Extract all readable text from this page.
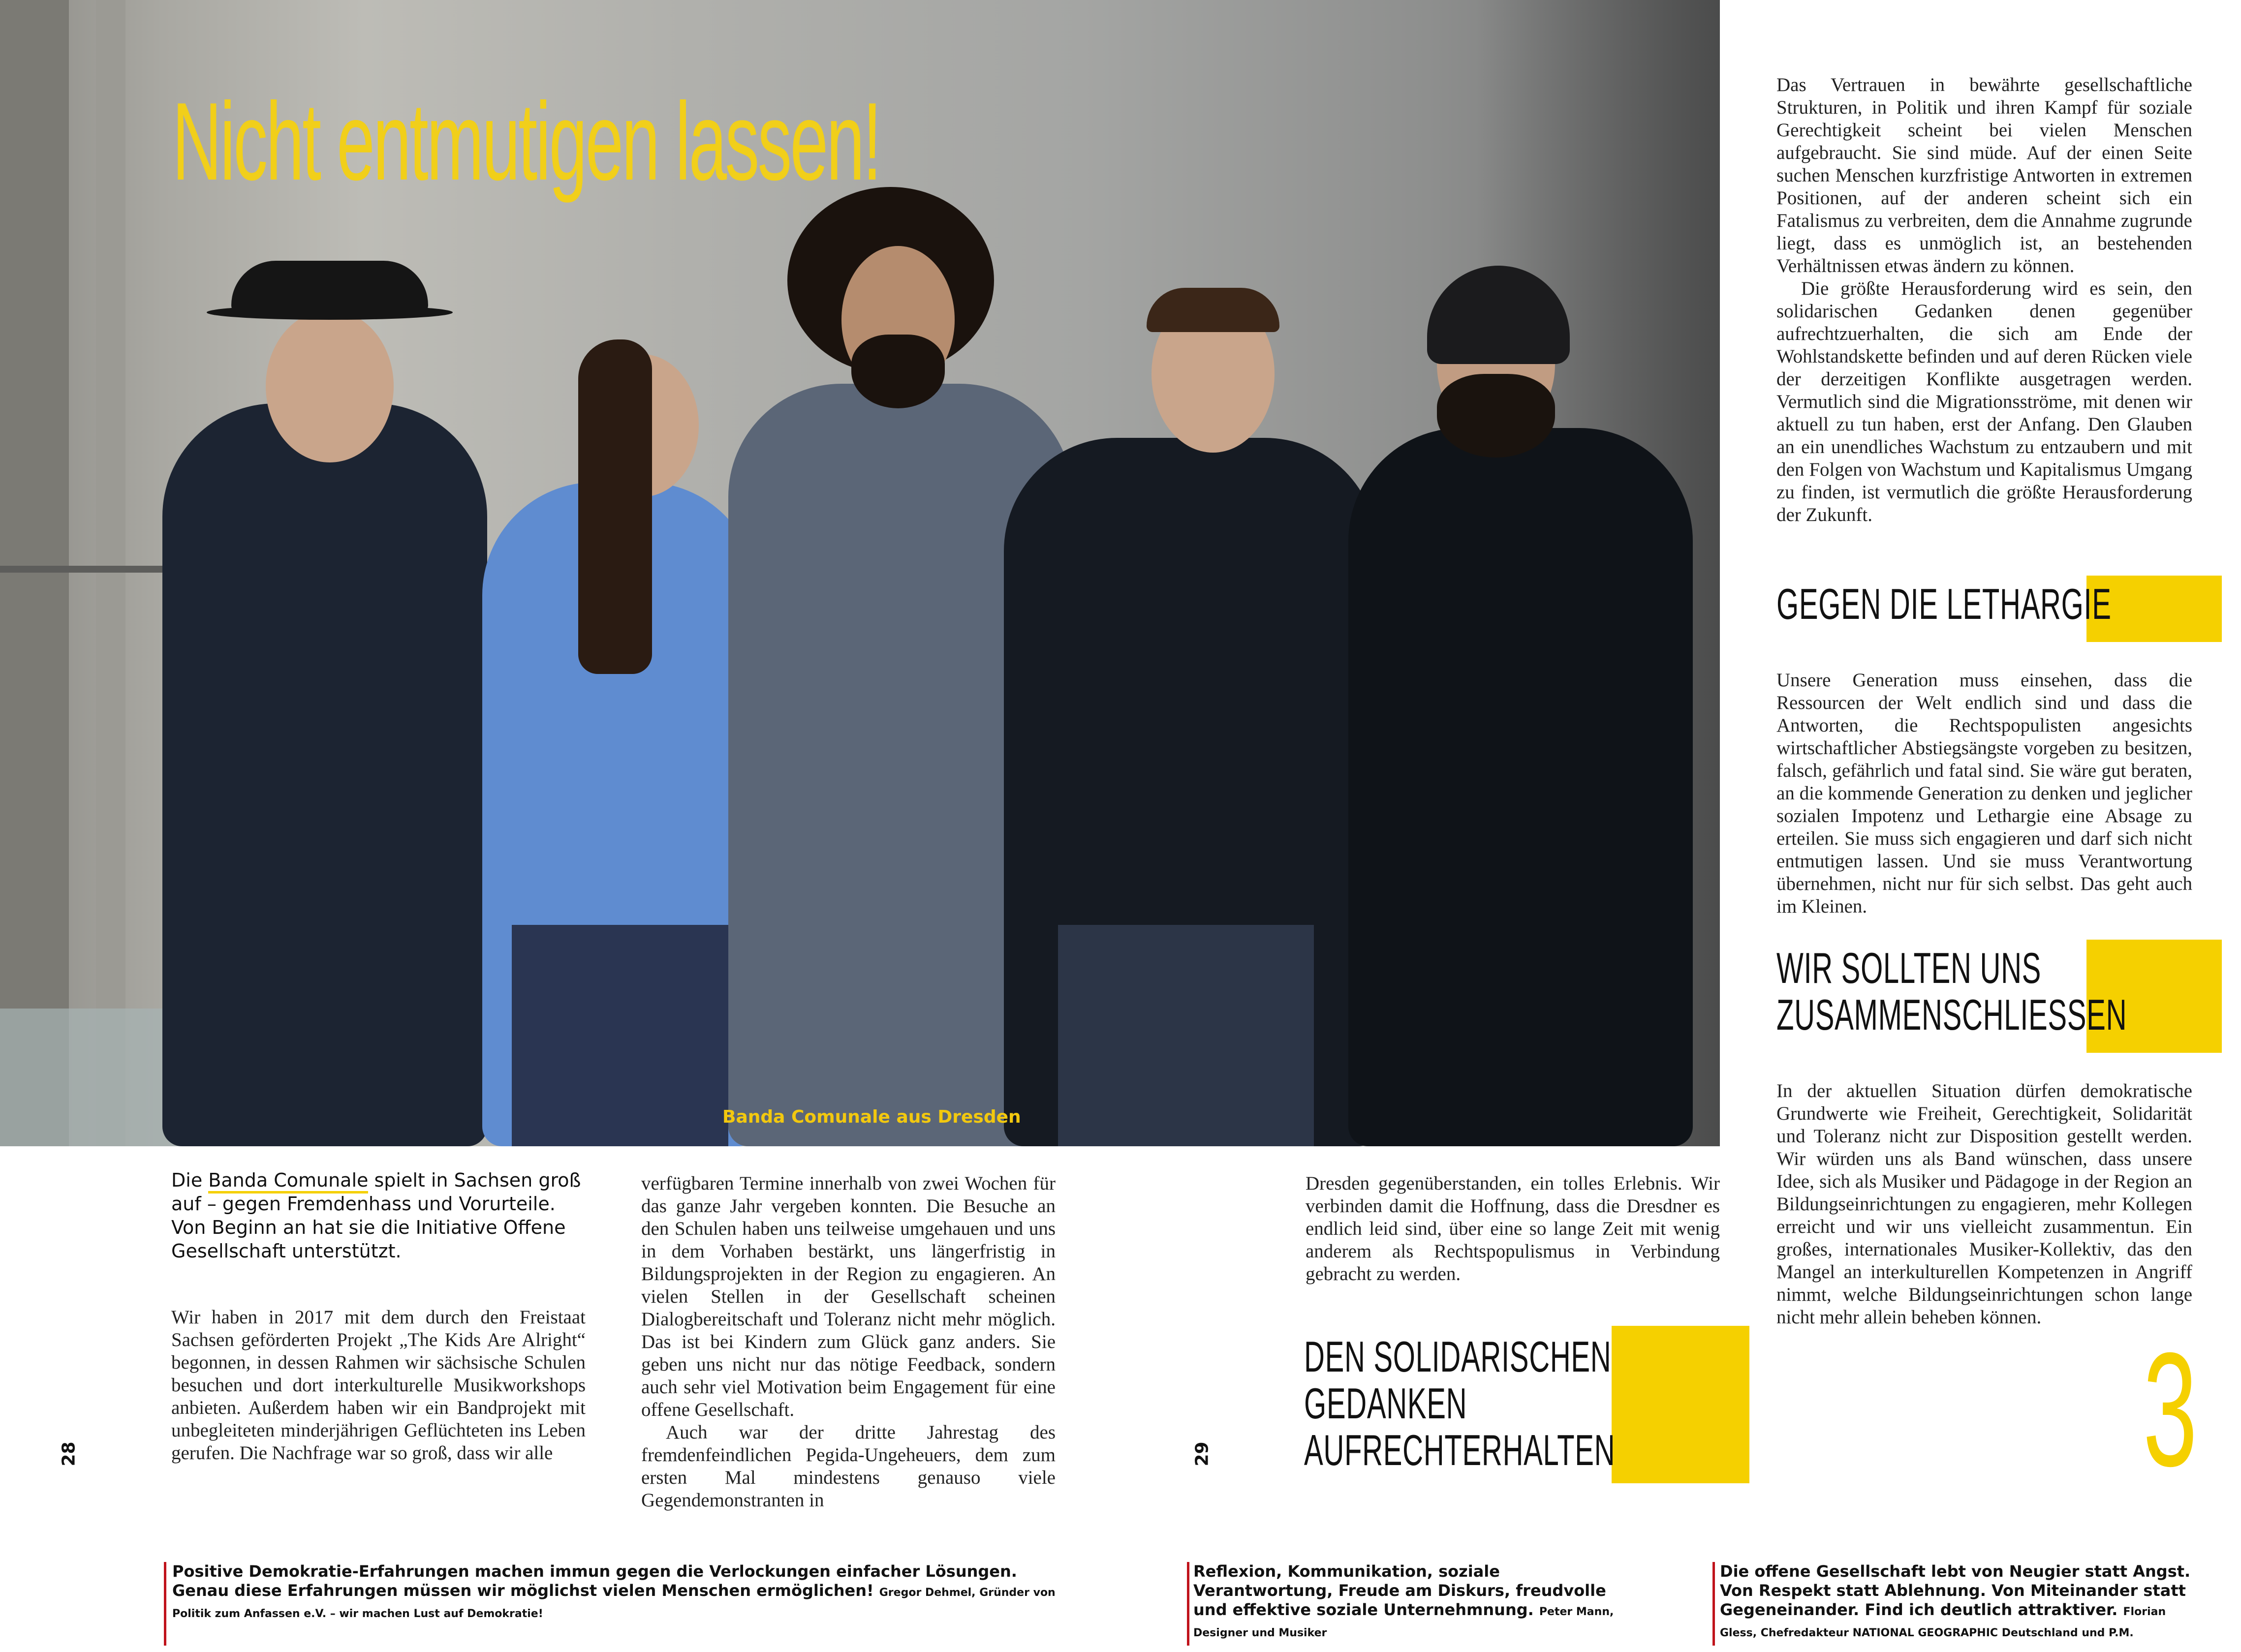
Nicht entmutigen lassen!
Banda Comunale aus Dresden
Die Banda Comunale spielt in Sachsen groß auf – gegen Fremdenhass und Vorurteile. Von Beginn an hat sie die Initiative Offene Gesellschaft unterstützt.
Wir haben in 2017 mit dem durch den Freistaat Sachsen geförderten Projekt „The Kids Are Alright“ begonnen, in dessen Rahmen wir sächsische Schulen besuchen und dort interkulturelle Musikworkshops anbieten. Außerdem haben wir ein Bandprojekt mit unbegleiteten minderjährigen Geflüchteten ins Leben gerufen. Die Nachfrage war so groß, dass wir alle
verfügbaren Termine innerhalb von zwei Wochen für das ganze Jahr vergeben konnten. Die Besuche an den Schulen haben uns teilweise umgehauen und uns in dem Vorhaben bestärkt, uns längerfristig in Bildungsprojekten in der Region zu engagieren. An vielen Stellen in der Gesellschaft scheinen Dialogbereitschaft und Toleranz nicht mehr möglich. Das ist bei Kindern zum Glück ganz anders. Sie geben uns nicht nur das nötige Feedback, sondern auch sehr viel Motivation beim Engagement für eine offene Gesellschaft.
Auch war der dritte Jahrestag des fremdenfeindlichen Pegida-Ungeheuers, dem zum ersten Mal mindestens genauso viele Gegendemonstranten in
28
Positive Demokratie-Erfahrungen machen immun gegen die Verlockungen einfacher Lösungen. Genau diese Erfahrungen müssen wir möglichst vielen Menschen ermöglichen! Gregor Dehmel, Gründer von Politik zum Anfassen e.V. – wir machen Lust auf Demokratie!
29
Dresden gegenüberstanden, ein tolles Erlebnis. Wir verbinden damit die Hoffnung, dass die Dresdner es endlich leid sind, über eine so lange Zeit mit wenig anderem als Rechtspopulismus in Verbindung gebracht zu werden.
DEN SOLIDARISCHEN
GEDANKEN
AUFRECHTERHALTEN
Das Vertrauen in bewährte gesellschaftliche Strukturen, in Politik und ihren Kampf für soziale Gerechtigkeit scheint bei vielen Menschen aufgebraucht. Sie sind müde. Auf der einen Seite suchen Menschen kurzfristige Antworten in extremen Positionen, auf der anderen scheint sich ein Fatalismus zu verbreiten, dem die Annahme zugrunde liegt, dass es unmöglich ist, an bestehenden Verhältnissen etwas ändern zu können.
Die größte Herausforderung wird es sein, den solidarischen Gedanken denen gegenüber aufrechtzuerhalten, die sich am Ende der Wohlstandskette befinden und auf deren Rücken viele der derzeitigen Konflikte ausgetragen werden. Vermutlich sind die Migrationsströme, mit denen wir aktuell zu tun haben, erst der Anfang. Den Glauben an ein unendliches Wachstum zu entzaubern und mit den Folgen von Wachstum und Kapitalismus Umgang zu finden, ist vermutlich die größte Herausforderung der Zukunft.
GEGEN DIE LETHARGIE
Unsere Generation muss einsehen, dass die Ressourcen der Welt endlich sind und dass die Antworten, die Rechtspopulisten angesichts wirtschaftlicher Abstiegsängste vorgeben zu besitzen, falsch, gefährlich und fatal sind. Sie wäre gut beraten, an die kommende Generation zu denken und jeglicher sozialen Impotenz und Lethargie eine Absage zu erteilen. Sie muss sich engagieren und darf sich nicht entmutigen lassen. Und sie muss Verantwortung übernehmen, nicht nur für sich selbst. Das geht auch im Kleinen.
WIR SOLLTEN UNS
ZUSAMMENSCHLIESSEN
In der aktuellen Situation dürfen demokratische Grundwerte wie Freiheit, Gerechtigkeit, Solidarität und Toleranz nicht zur Disposition gestellt werden. Wir würden uns als Band wünschen, dass unsere Idee, sich als Musiker und Pädagoge in der Region an Bildungseinrichtungen zu engagieren, mehr Kollegen erreicht und wir uns vielleicht zusammentun. Ein großes, internationales Musiker-Kollektiv, das den Mangel an interkulturellen Kompetenzen in Angriff nimmt, welche Bildungseinrichtungen schon lange nicht mehr allein beheben können.
3
Reflexion, Kommunikation, soziale Verantwortung, Freude am Diskurs, freudvolle und effektive soziale Unternehmnung. Peter Mann, Designer und Musiker
Die offene Gesellschaft lebt von Neugier statt Angst. Von Respekt statt Ablehnung. Von Miteinander statt Gegeneinander. Find ich deutlich attraktiver. Florian Gless, Chefredakteur NATIONAL GEOGRAPHIC Deutschland und P.M.
